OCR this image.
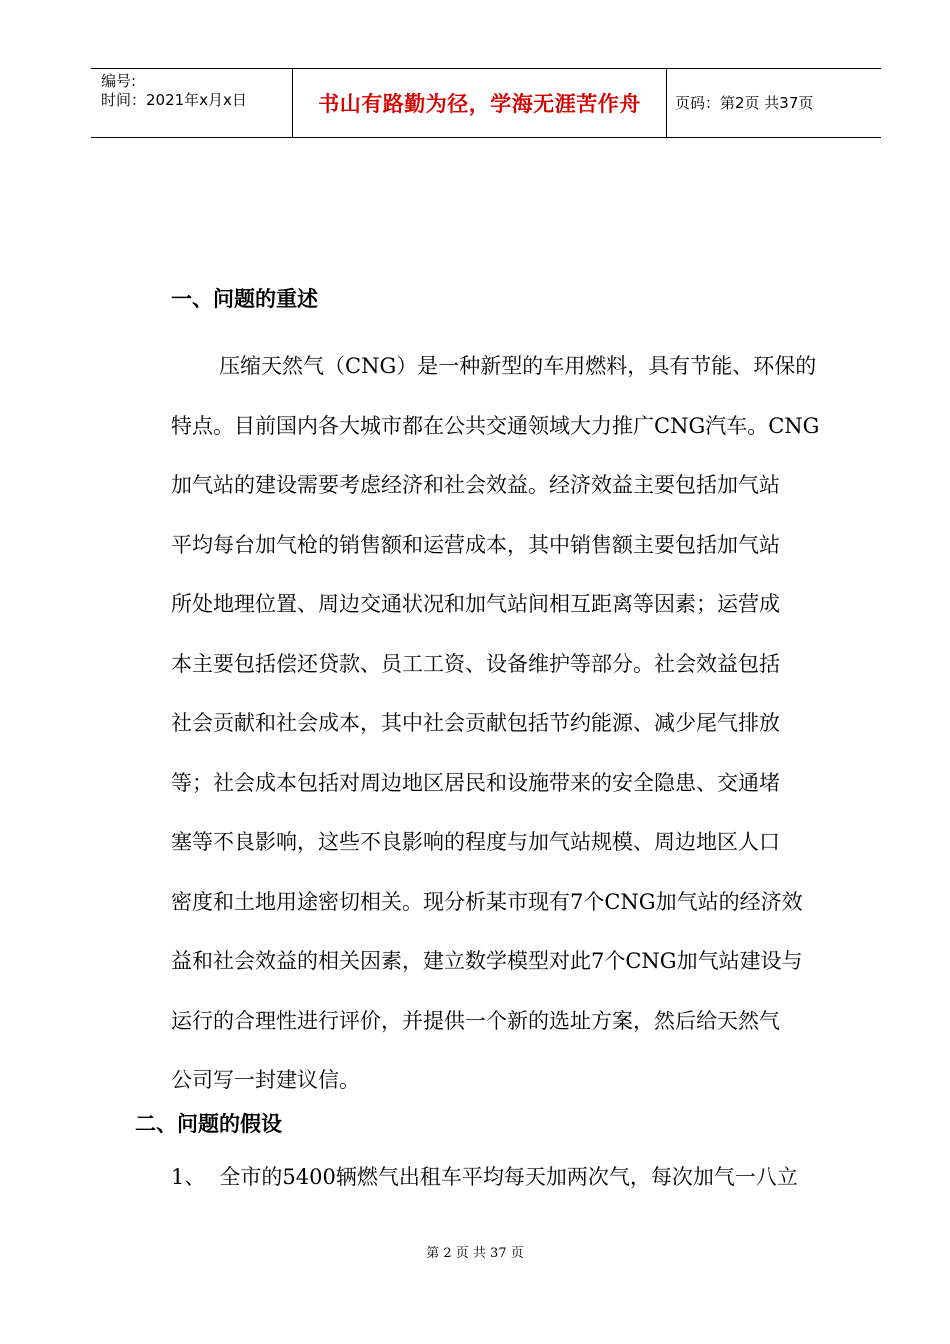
编号:
时间：2021年x月x日	书山有路勤为径，学海无涯苦作舟	页码：第2页 共37页
一、问题的重述
压缩天然气（CNG）是一种新型的车用燃料，具有节能、环保的
特点。目前国内各大城市都在公共交通领域大力推广CNG汽车。CNG
加气站的建设需要考虑经济和社会效益。经济效益主要包括加气站
平均每台加气枪的销售额和运营成本，其中销售额主要包括加气站
所处地理位置、周边交通状况和加气站间相互距离等因素；运营成
本主要包括偿还贷款、员工工资、设备维护等部分。社会效益包括
社会贡献和社会成本，其中社会贡献包括节约能源、减少尾气排放
等；社会成本包括对周边地区居民和设施带来的安全隐患、交通堵
塞等不良影响，这些不良影响的程度与加气站规模、周边地区人口
密度和土地用途密切相关。现分析某市现有7个CNG加气站的经济效
益和社会效益的相关因素，建立数学模型对此7个CNG加气站建设与
运行的合理性进行评价，并提供一个新的选址方案，然后给天然气
公司写一封建议信。
二、问题的假设
1、 全市的5400辆燃气出租车平均每天加两次气，每次加气一八立
第 2 页 共 37 页
